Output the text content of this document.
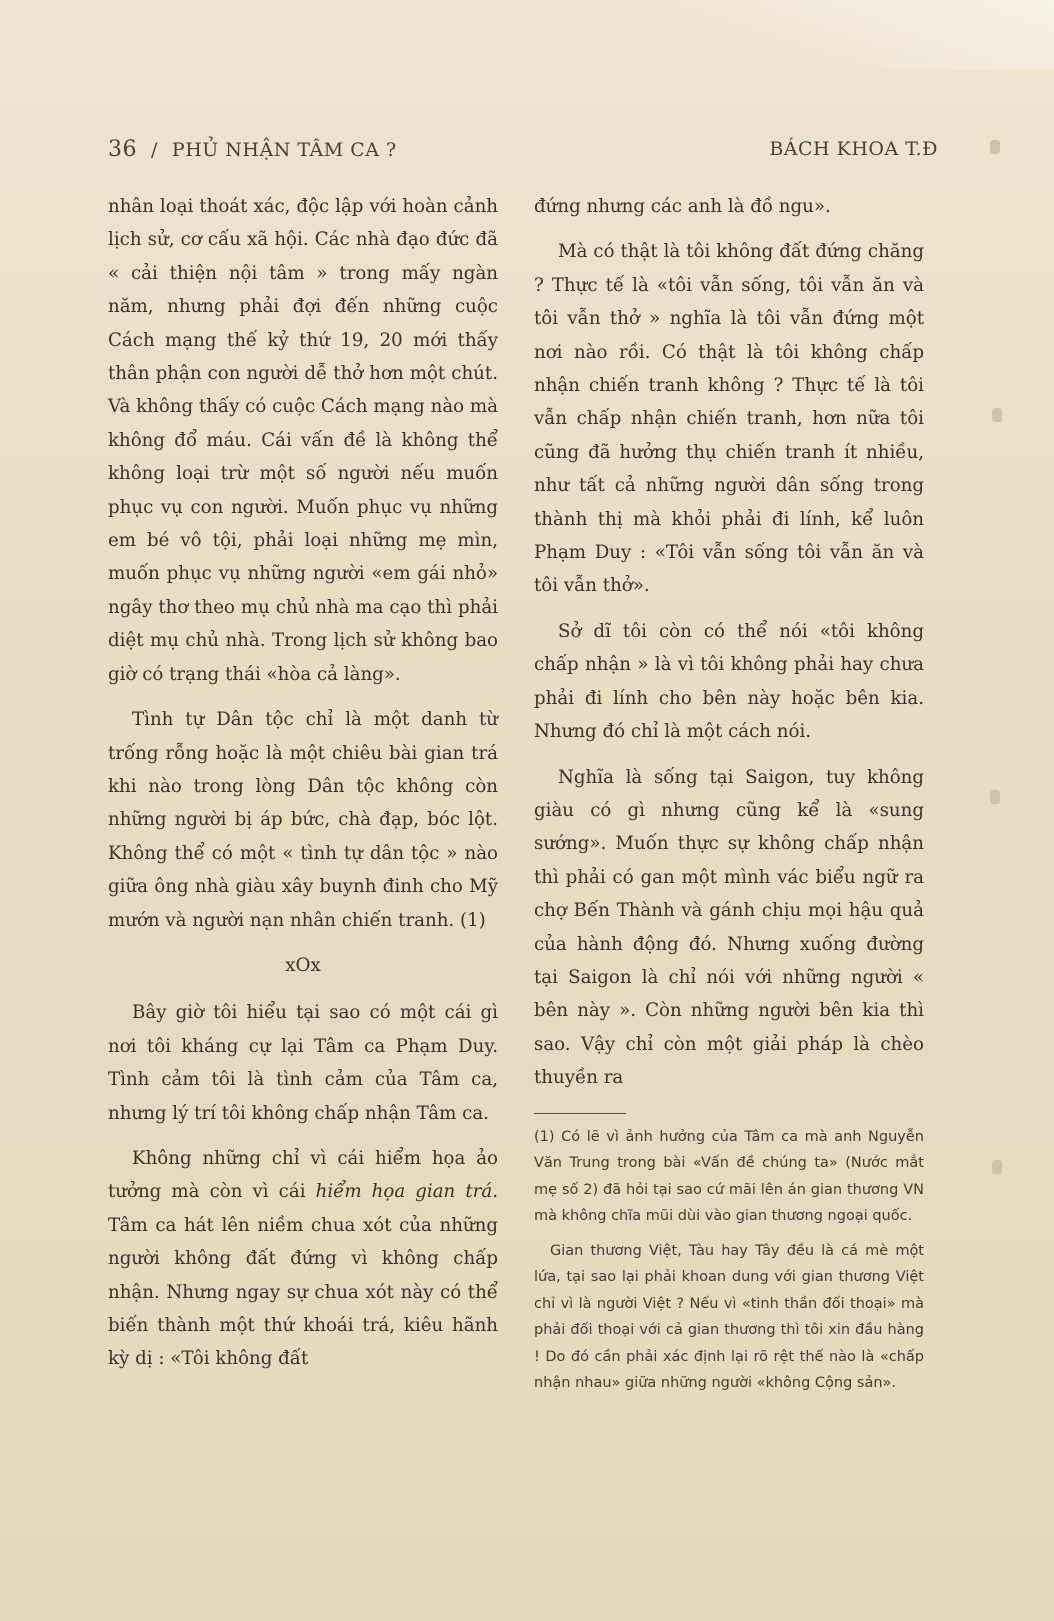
36 / PHỦ NHẬN TÂM CA ?	BÁCH KHOA T.Đ

nhân loại thoát xác, độc lập với hoàn cảnh lịch sử, cơ cấu xã hội. Các nhà đạo đức đã « cải thiện nội tâm » trong mấy ngàn năm, nhưng phải đợi đến những cuộc Cách mạng thế kỷ thứ 19, 20 mới thấy thân phận con người dễ thở hơn một chút. Và không thấy có cuộc Cách mạng nào mà không đổ máu. Cái vấn đề là không thể không loại trừ một số người nếu muốn phục vụ con người. Muốn phục vụ những em bé vô tội, phải loại những mẹ mìn, muốn phục vụ những người «em gái nhỏ» ngây thơ theo mụ chủ nhà ma cạo thì phải diệt mụ chủ nhà. Trong lịch sử không bao giờ có trạng thái «hòa cả làng».

Tình tự Dân tộc chỉ là một danh từ trống rỗng hoặc là một chiêu bài gian trá khi nào trong lòng Dân tộc không còn những người bị áp bức, chà đạp, bóc lột. Không thể có một « tình tự dân tộc » nào giữa ông nhà giàu xây buynh đinh cho Mỹ mướn và người nạn nhân chiến tranh. (1)

xOx

Bây giờ tôi hiểu tại sao có một cái gì nơi tôi kháng cự lại Tâm ca Phạm Duy. Tình cảm tôi là tình cảm của Tâm ca, nhưng lý trí tôi không chấp nhận Tâm ca.

Không những chỉ vì cái hiểm họa ảo tưởng mà còn vì cái hiểm họa gian trá. Tâm ca hát lên niềm chua xót của những người không đất đứng vì không chấp nhận. Nhưng ngay sự chua xót này có thể biến thành một thứ khoái trá, kiêu hãnh kỳ dị : «Tôi không đất

đứng nhưng các anh là đồ ngu».

Mà có thật là tôi không đất đứng chăng ? Thực tế là «tôi vẫn sống, tôi vẫn ăn và tôi vẫn thở » nghĩa là tôi vẫn đứng một nơi nào rồi. Có thật là tôi không chấp nhận chiến tranh không ? Thực tế là tôi vẫn chấp nhận chiến tranh, hơn nữa tôi cũng đã hưởng thụ chiến tranh ít nhiều, như tất cả những người dân sống trong thành thị mà khỏi phải đi lính, kể luôn Phạm Duy : «Tôi vẫn sống tôi vẫn ăn và tôi vẫn thở».

Sở dĩ tôi còn có thể nói «tôi không chấp nhận » là vì tôi không phải hay chưa phải đi lính cho bên này hoặc bên kia. Nhưng đó chỉ là một cách nói.

Nghĩa là sống tại Saigon, tuy không giàu có gì nhưng cũng kể là «sung sướng». Muốn thực sự không chấp nhận thì phải có gan một mình vác biểu ngữ ra chợ Bến Thành và gánh chịu mọi hậu quả của hành động đó. Nhưng xuống đường tại Saigon là chỉ nói với những người « bên này ». Còn những người bên kia thì sao. Vậy chỉ còn một giải pháp là chèo thuyền ra

(1) Có lẽ vì ảnh hưởng của Tâm ca mà anh Nguyễn Văn Trung trong bài «Vấn đề chúng ta» (Nước mắt mẹ số 2) đã hỏi tại sao cứ mãi lên án gian thương VN mà không chĩa mũi dùi vào gian thương ngoại quốc.

Gian thương Việt, Tàu hay Tây đều là cá mè một lứa, tại sao lại phải khoan dung với gian thương Việt chỉ vì là người Việt ? Nếu vì «tinh thần đối thoại» mà phải đối thoại với cả gian thương thì tôi xin đầu hàng ! Do đó cần phải xác định lại rõ rệt thế nào là «chấp nhận nhau» giữa những người «không Cộng sản».
